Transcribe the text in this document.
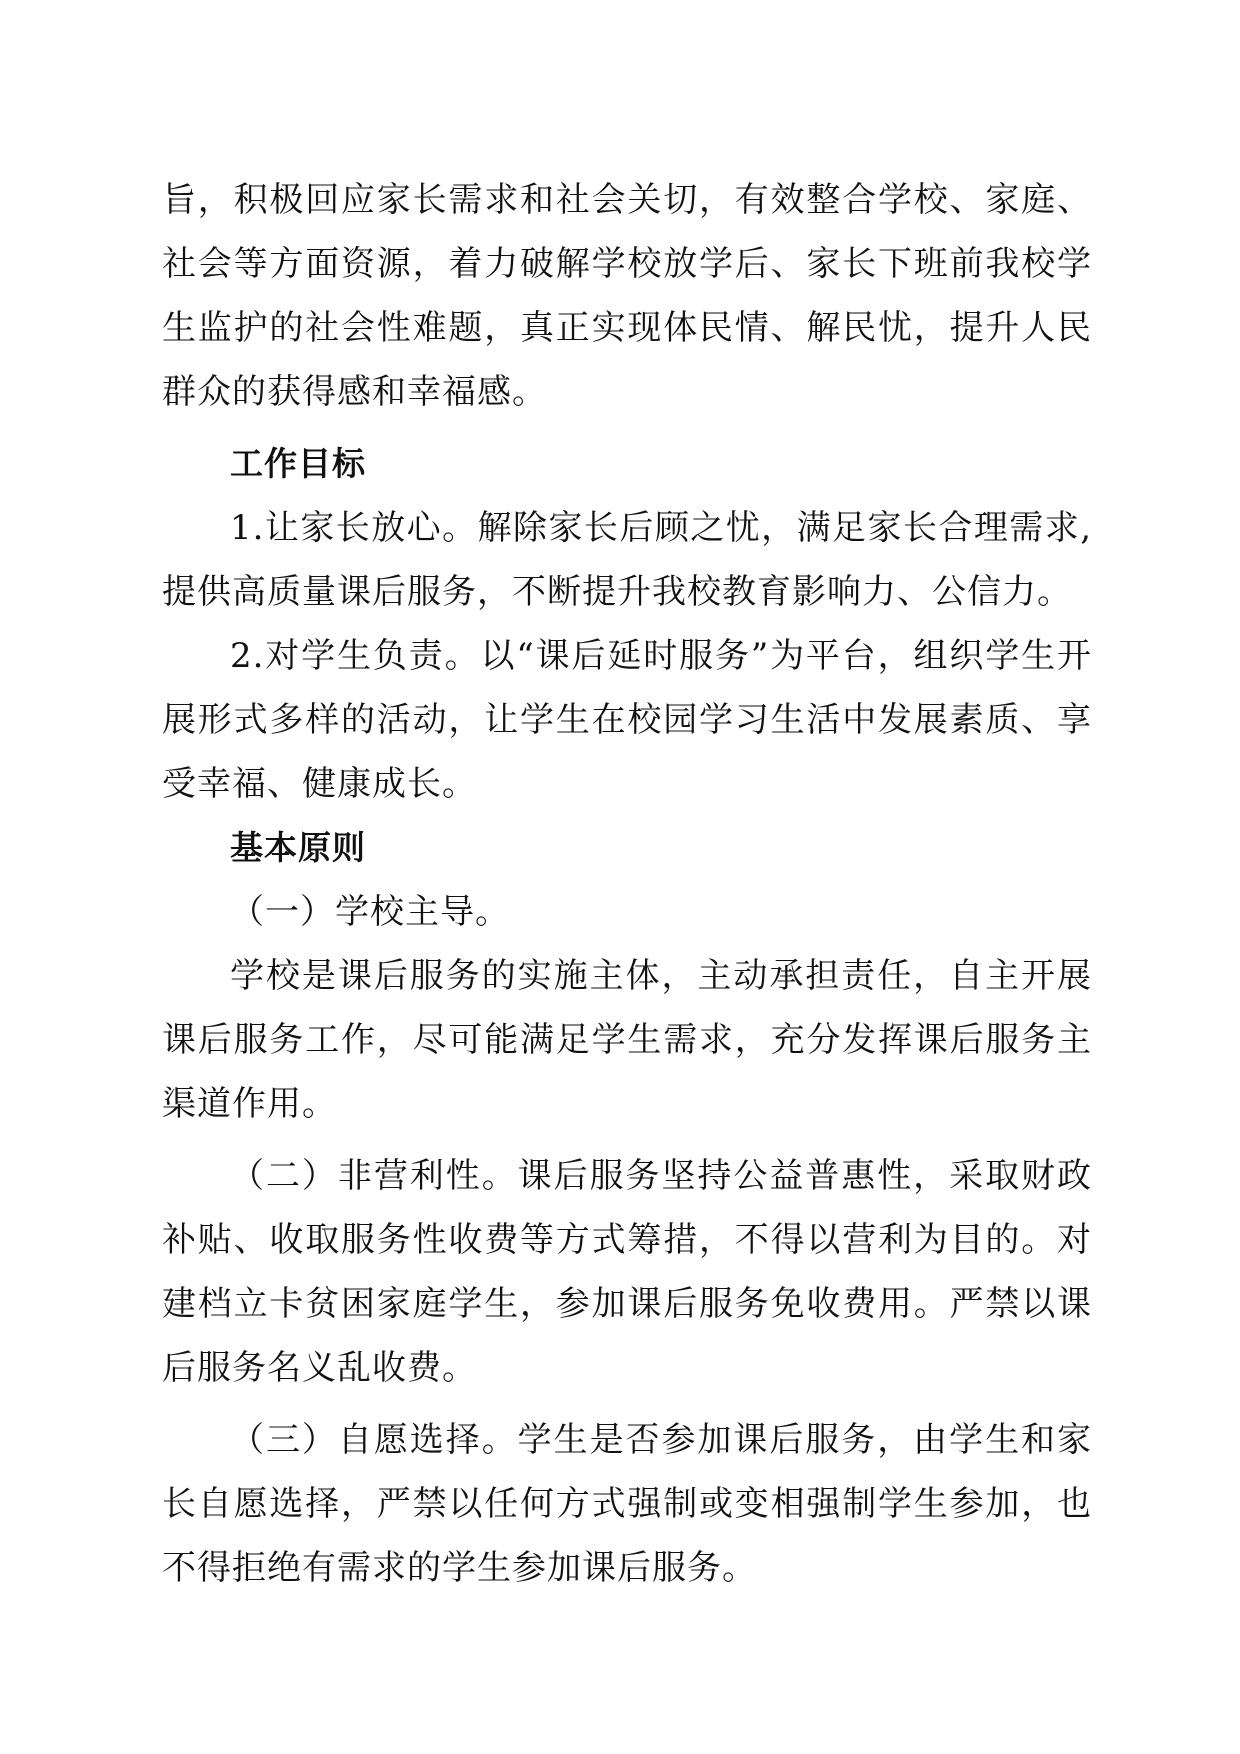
旨，积极回应家长需求和社会关切，有效整合学校、家庭、社会等方面资源，着力破解学校放学后、家长下班前我校学生监护的社会性难题，真正实现体民情、解民忧，提升人民群众的获得感和幸福感。

工作目标

1.让家长放心。解除家长后顾之忧，满足家长合理需求,提供高质量课后服务，不断提升我校教育影响力、公信力。

2.对学生负责。以“课后延时服务”为平台，组织学生开展形式多样的活动，让学生在校园学习生活中发展素质、享受幸福、健康成长。

基本原则

（一）学校主导。

学校是课后服务的实施主体，主动承担责任，自主开展课后服务工作，尽可能满足学生需求，充分发挥课后服务主渠道作用。

（二）非营利性。课后服务坚持公益普惠性，采取财政补贴、收取服务性收费等方式筹措，不得以营利为目的。对建档立卡贫困家庭学生，参加课后服务免收费用。严禁以课后服务名义乱收费。

（三）自愿选择。学生是否参加课后服务，由学生和家长自愿选择，严禁以任何方式强制或变相强制学生参加，也不得拒绝有需求的学生参加课后服务。
